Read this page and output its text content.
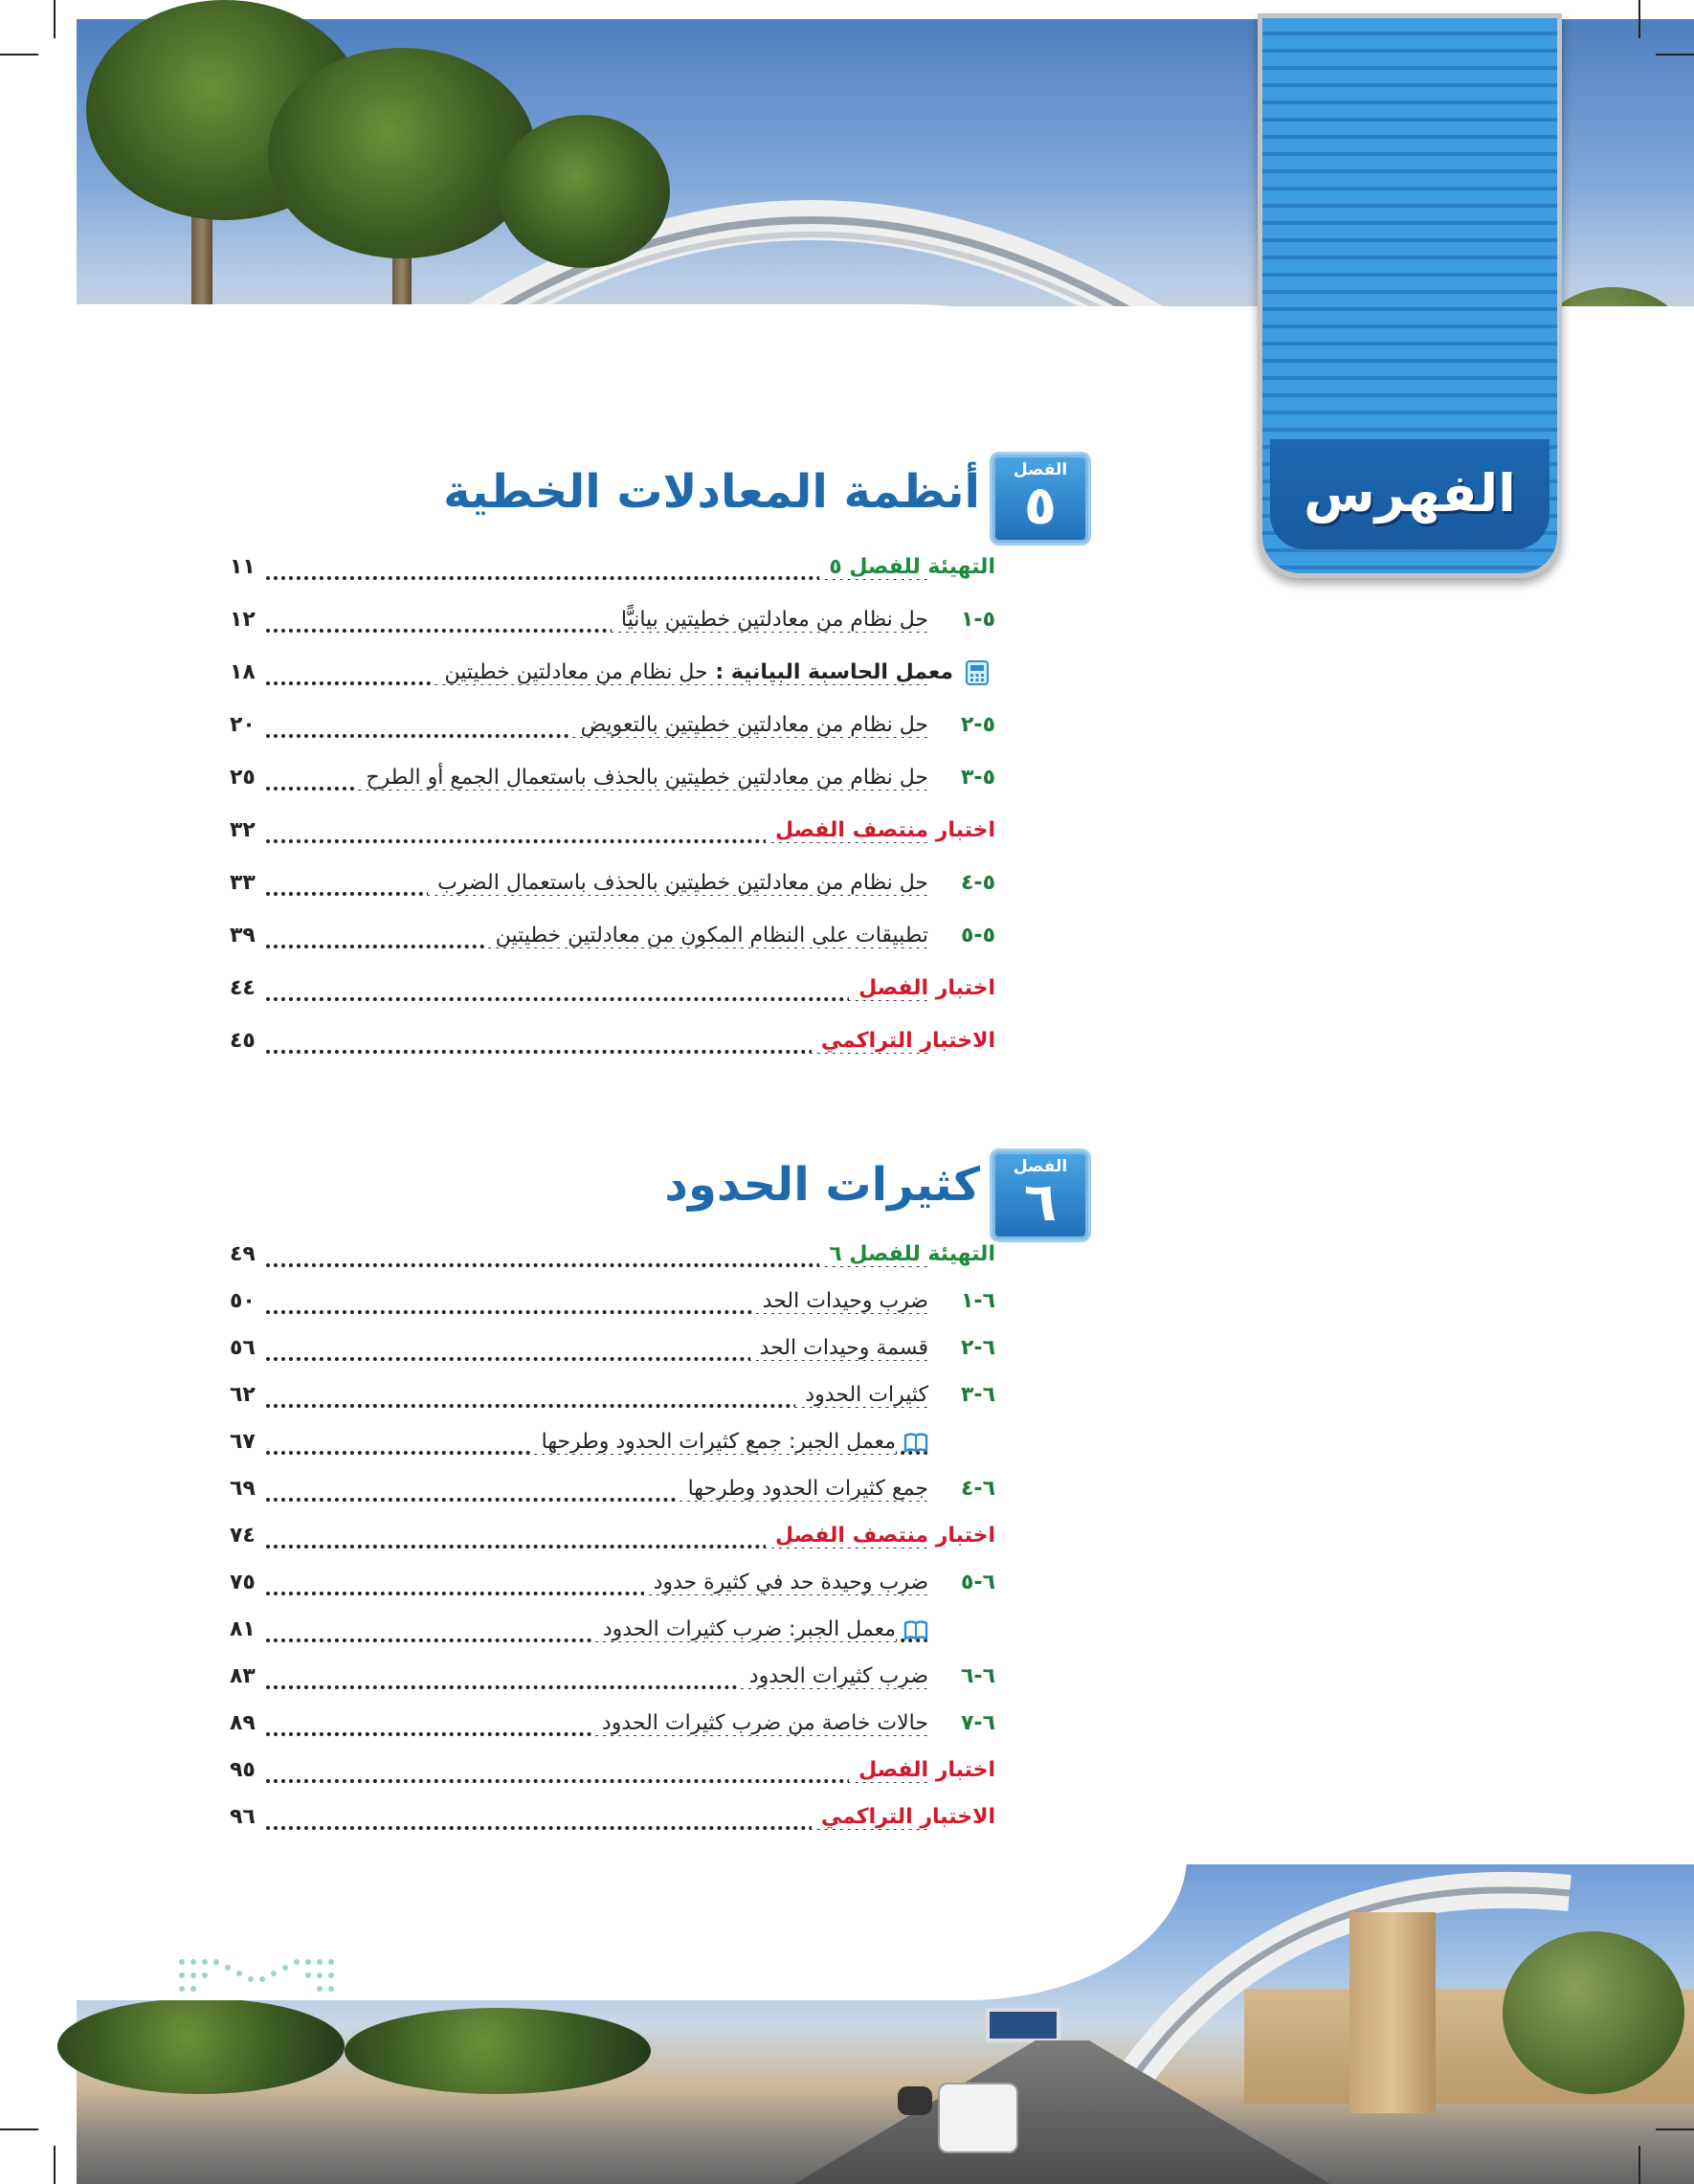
الفهرس
الفصل
٥
أنظمة المعادلات الخطية
التهيئة للفصل ٥
١١
٥-١
حل نظام من معادلتين خطيتين بيانيًّا
١٢
معمل الحاسبة البيانية : حل نظام من معادلتين خطيتين
١٨
٥-٢
حل نظام من معادلتين خطيتين بالتعويض
٢٠
٥-٣
حل نظام من معادلتين خطيتين بالحذف باستعمال الجمع أو الطرح
٢٥
اختبار منتصف الفصل
٣٢
٥-٤
حل نظام من معادلتين خطيتين بالحذف باستعمال الضرب
٣٣
٥-٥
تطبيقات على النظام المكون من معادلتين خطيتين
٣٩
اختبار الفصل
٤٤
الاختبار التراكمي
٤٥
الفصل
٦
كثيرات الحدود
التهيئة للفصل ٦
٤٩
٦-١
ضرب وحيدات الحد
٥٠
٦-٢
قسمة وحيدات الحد
٥٦
٦-٣
كثيرات الحدود
٦٢
معمل الجبر: جمع كثيرات الحدود وطرحها
٦٧
٦-٤
جمع كثيرات الحدود وطرحها
٦٩
اختبار منتصف الفصل
٧٤
٦-٥
ضرب وحيدة حد في كثيرة حدود
٧٥
معمل الجبر: ضرب كثيرات الحدود
٨١
٦-٦
ضرب كثيرات الحدود
٨٣
٦-٧
حالات خاصة من ضرب كثيرات الحدود
٨٩
اختبار الفصل
٩٥
الاختبار التراكمي
٩٦
